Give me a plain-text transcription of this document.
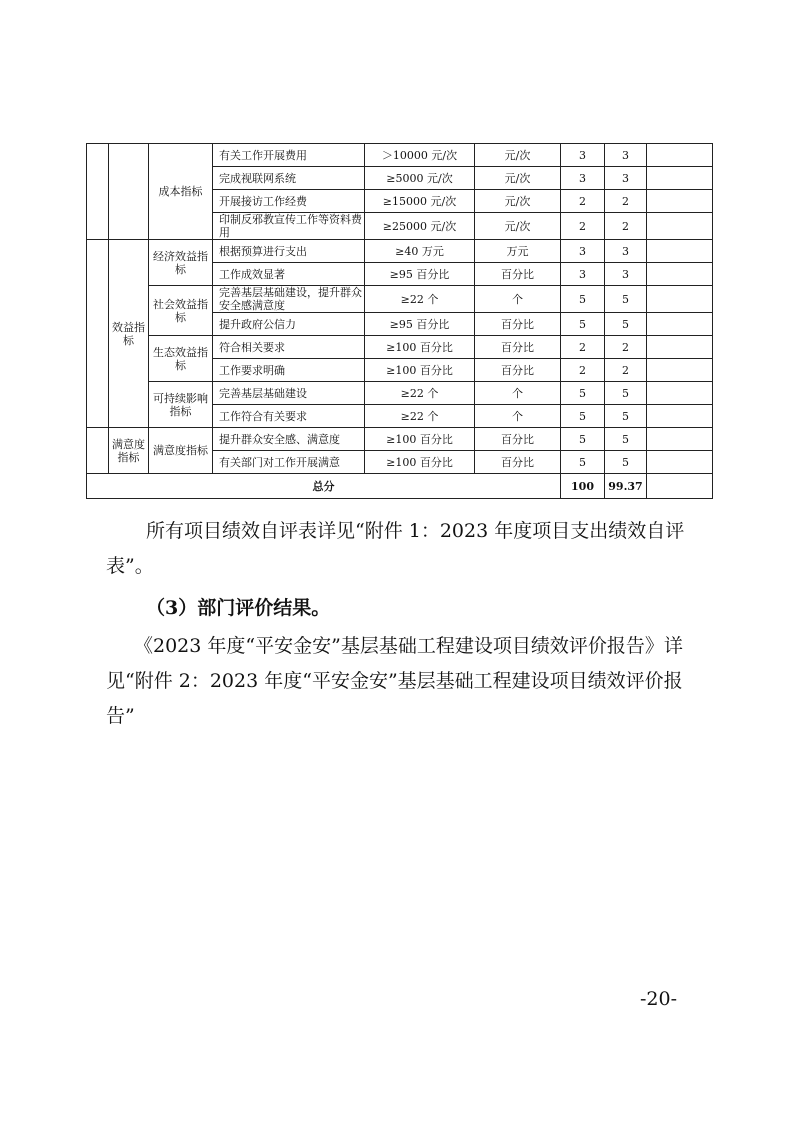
		成本指标	有关工作开展费用	＞10000 元/次	元/次	3	3	
			完成视联网系统	≥5000 元/次	元/次	3	3	
			开展接访工作经费	≥15000 元/次	元/次	2	2	
			印制反邪教宣传工作等资料费用	≥25000 元/次	元/次	2	2	
	效益指标	经济效益指标	根据预算进行支出	≥40 万元	万元	3	3	
			工作成效显著	≥95 百分比	百分比	3	3	
		社会效益指标	完善基层基础建设，提升群众安全感满意度	≥22 个	个	5	5	
			提升政府公信力	≥95 百分比	百分比	5	5	
		生态效益指标	符合相关要求	≥100 百分比	百分比	2	2	
			工作要求明确	≥100 百分比	百分比	2	2	
		可持续影响指标	完善基层基础建设	≥22 个	个	5	5	
			工作符合有关要求	≥22 个	个	5	5	
	满意度指标	满意度指标	提升群众安全感、满意度	≥100 百分比	百分比	5	5	
			有关部门对工作开展满意	≥100 百分比	百分比	5	5	
总分						100	99.37	

所有项目绩效自评表详见“附件 1：2023 年度项目支出绩效自评表”。

（3）部门评价结果。

《2023 年度“平安金安”基层基础工程建设项目绩效评价报告》详见“附件 2：2023 年度“平安金安”基层基础工程建设项目绩效评价报告”

-20-
